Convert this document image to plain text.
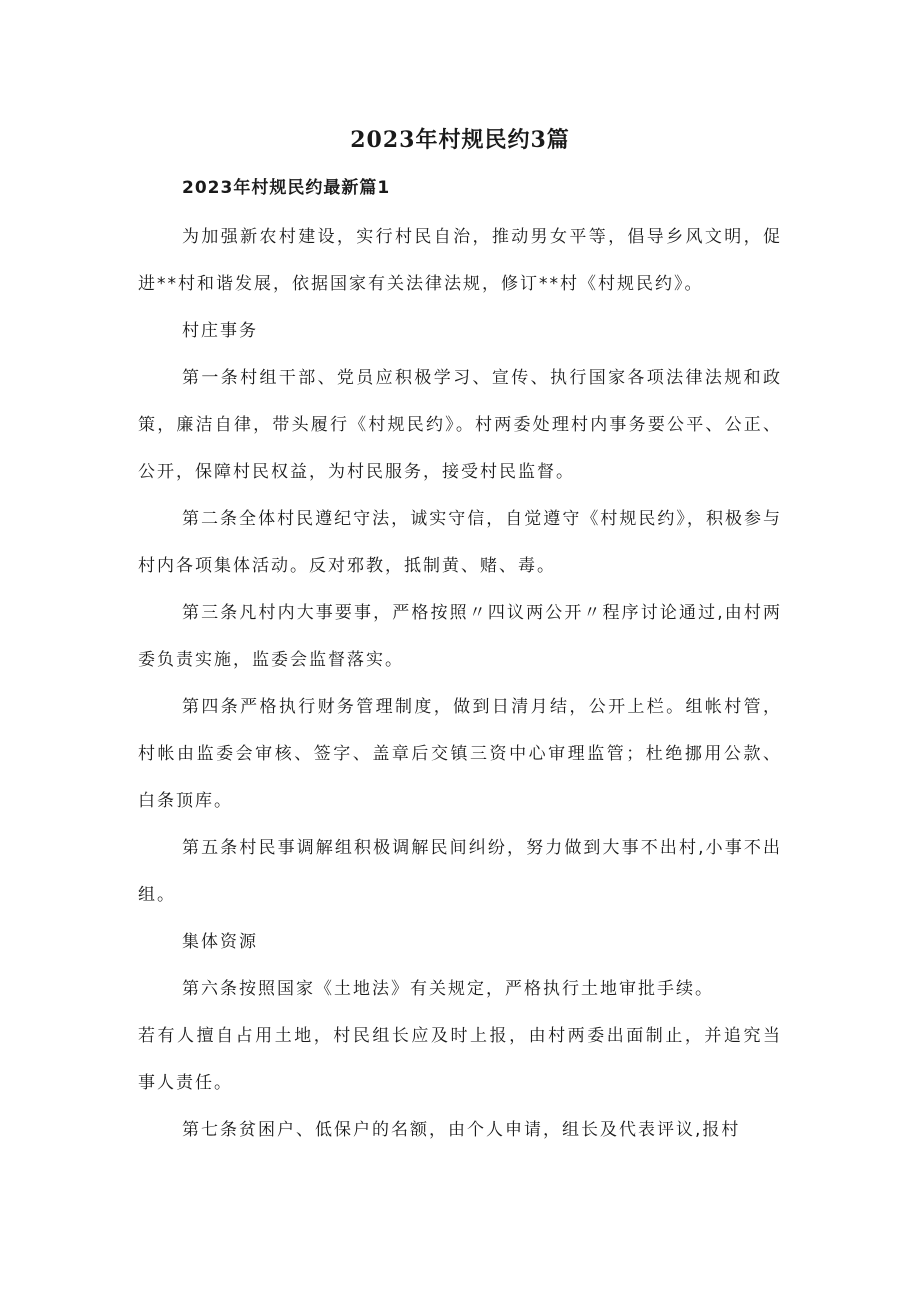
2023年村规民约3篇
2023年村规民约最新篇1

为加强新农村建设，实行村民自治，推动男女平等，倡导乡风文明，促进**村和谐发展，依据国家有关法律法规，修订**村《村规民约》。

村庄事务

第一条村组干部、党员应积极学习、宣传、执行国家各项法律法规和政策，廉洁自律，带头履行《村规民约》。村两委处理村内事务要公平、公正、公开，保障村民权益，为村民服务，接受村民监督。

第二条全体村民遵纪守法，诚实守信，自觉遵守《村规民约》，积极参与村内各项集体活动。反对邪教，抵制黄、赌、毒。

第三条凡村内大事要事，严格按照〃四议两公开〃程序讨论通过,由村两委负责实施，监委会监督落实。

第四条严格执行财务管理制度，做到日清月结，公开上栏。组帐村管，村帐由监委会审核、签字、盖章后交镇三资中心审理监管；杜绝挪用公款、白条顶库。

第五条村民事调解组积极调解民间纠纷，努力做到大事不出村,小事不出组。

集体资源

第六条按照国家《土地法》有关规定，严格执行土地审批手续。

若有人擅自占用土地，村民组长应及时上报，由村两委出面制止，并追究当事人责任。

第七条贫困户、低保户的名额，由个人申请，组长及代表评议,报村
